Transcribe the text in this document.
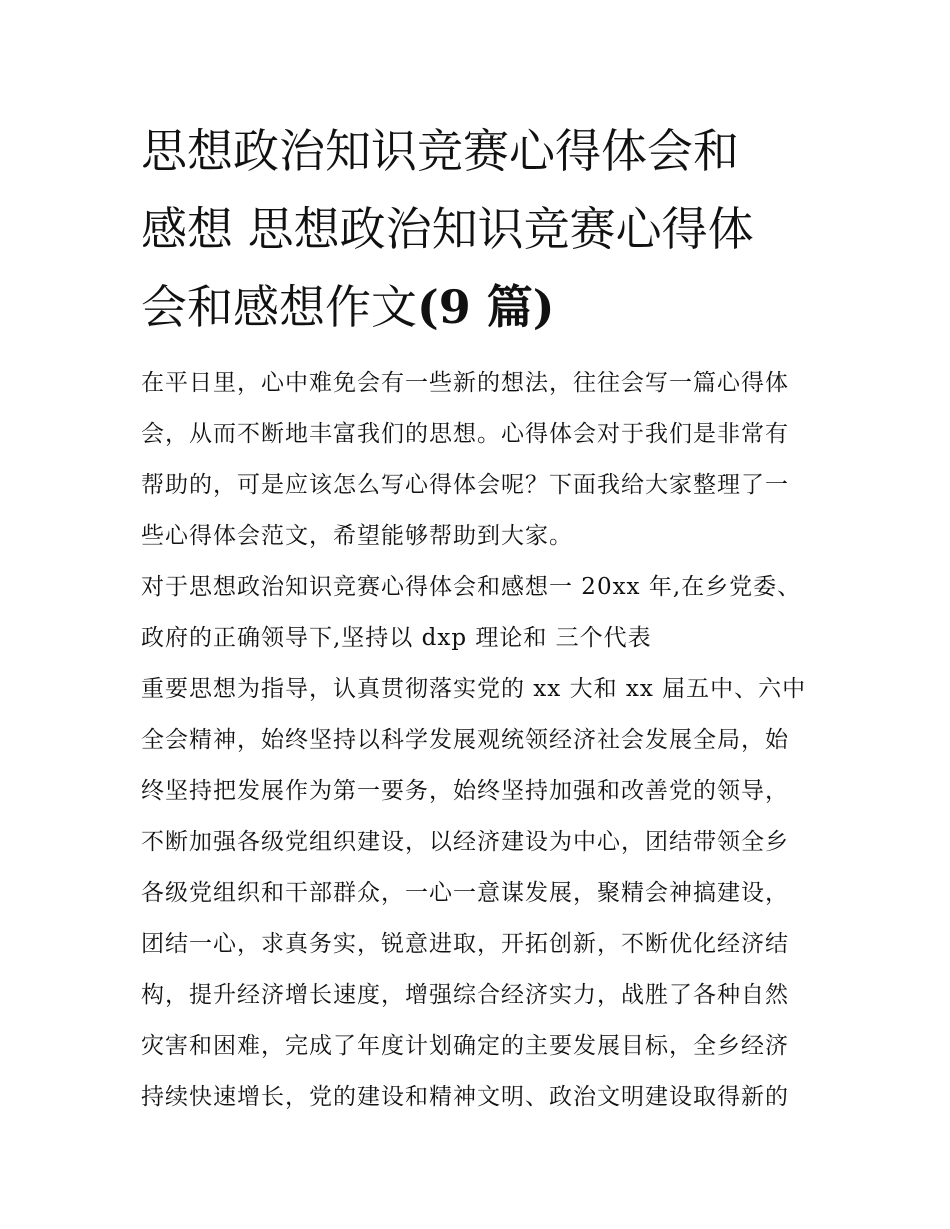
思想政治知识竞赛心得体会和
感想 思想政治知识竞赛心得体
会和感想作文(9 篇)

在平日里，心中难免会有一些新的想法，往往会写一篇心得体
会，从而不断地丰富我们的思想。心得体会对于我们是非常有
帮助的，可是应该怎么写心得体会呢？下面我给大家整理了一
些心得体会范文，希望能够帮助到大家。

对于思想政治知识竞赛心得体会和感想一 20xx 年,在乡党委、
政府的正确领导下,坚持以 dxp 理论和 三个代表
重要思想为指导，认真贯彻落实党的 xx 大和 xx 届五中、六中
全会精神，始终坚持以科学发展观统领经济社会发展全局，始
终坚持把发展作为第一要务，始终坚持加强和改善党的领导，
不断加强各级党组织建设，以经济建设为中心，团结带领全乡
各级党组织和干部群众，一心一意谋发展，聚精会神搞建设，
团结一心，求真务实，锐意进取，开拓创新，不断优化经济结
构，提升经济增长速度，增强综合经济实力，战胜了各种自然
灾害和困难，完成了年度计划确定的主要发展目标，全乡经济
持续快速增长，党的建设和精神文明、政治文明建设取得新的
